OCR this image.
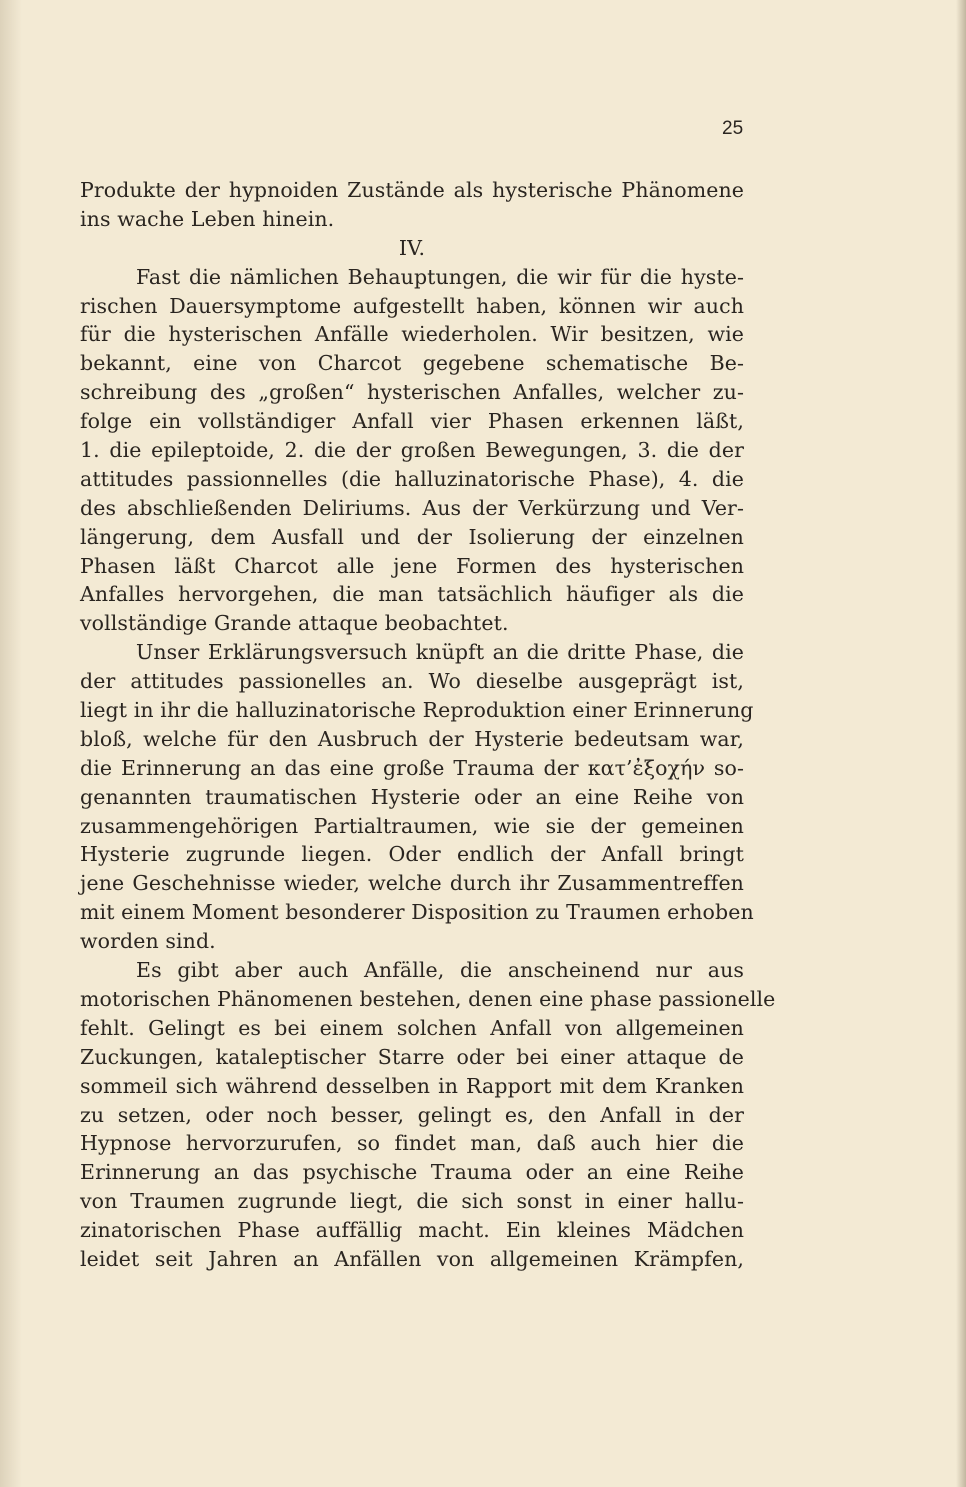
25
Produkte der hypnoiden Zustände als hysterische Phänomene
ins wache Leben hinein.
IV.
Fast die nämlichen Behauptungen, die wir für die hyste-
rischen Dauersymptome aufgestellt haben, können wir auch
für die hysterischen Anfälle wiederholen. Wir besitzen, wie
bekannt, eine von Charcot gegebene schematische Be-
schreibung des „großen“ hysterischen Anfalles, welcher zu-
folge ein vollständiger Anfall vier Phasen erkennen läßt,
1. die epileptoide, 2. die der großen Bewegungen, 3. die der
attitudes passionnelles (die halluzinatorische Phase), 4. die
des abschließenden Deliriums. Aus der Verkürzung und Ver-
längerung, dem Ausfall und der Isolierung der einzelnen
Phasen läßt Charcot alle jene Formen des hysterischen
Anfalles hervorgehen, die man tatsächlich häufiger als die
vollständige Grande attaque beobachtet.
Unser Erklärungsversuch knüpft an die dritte Phase, die
der attitudes passionelles an. Wo dieselbe ausgeprägt ist,
liegt in ihr die halluzinatorische Reproduktion einer Erinnerung
bloß, welche für den Ausbruch der Hysterie bedeutsam war,
die Erinnerung an das eine große Trauma der κατ’ἐξοχήν so-
genannten traumatischen Hysterie oder an eine Reihe von
zusammengehörigen Partialtraumen, wie sie der gemeinen
Hysterie zugrunde liegen. Oder endlich der Anfall bringt
jene Geschehnisse wieder, welche durch ihr Zusammentreffen
mit einem Moment besonderer Disposition zu Traumen erhoben
worden sind.
Es gibt aber auch Anfälle, die anscheinend nur aus
motorischen Phänomenen bestehen, denen eine phase passionelle
fehlt. Gelingt es bei einem solchen Anfall von allgemeinen
Zuckungen, kataleptischer Starre oder bei einer attaque de
sommeil sich während desselben in Rapport mit dem Kranken
zu setzen, oder noch besser, gelingt es, den Anfall in der
Hypnose hervorzurufen, so findet man, daß auch hier die
Erinnerung an das psychische Trauma oder an eine Reihe
von Traumen zugrunde liegt, die sich sonst in einer hallu-
zinatorischen Phase auffällig macht. Ein kleines Mädchen
leidet seit Jahren an Anfällen von allgemeinen Krämpfen,
